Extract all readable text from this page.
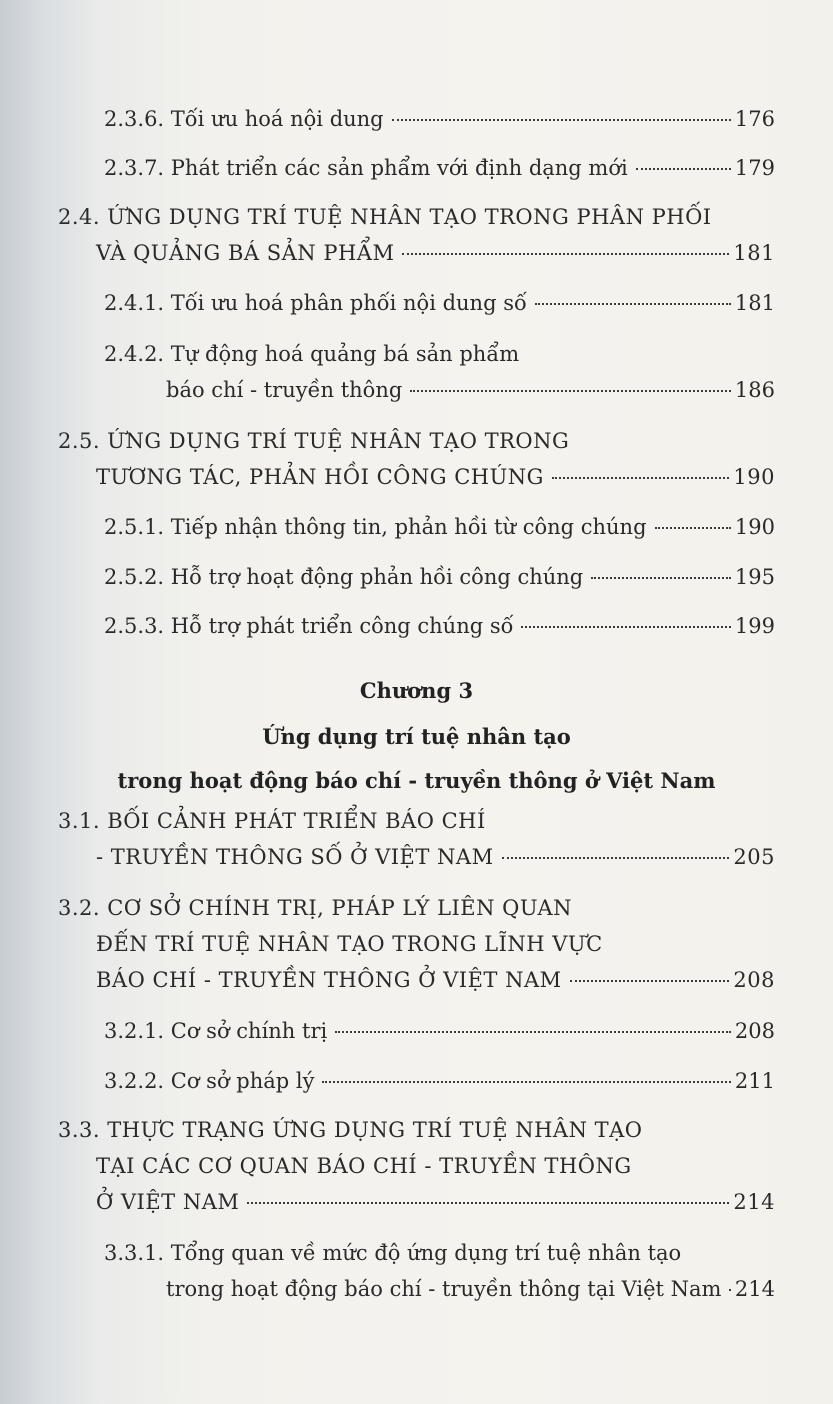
2.3.6. Tối ưu hoá nội dung	176
2.3.7. Phát triển các sản phẩm với định dạng mới	179
2.4. ỨNG DỤNG TRÍ TUỆ NHÂN TẠO TRONG PHÂN PHỐI
VÀ QUẢNG BÁ SẢN PHẨM	181
2.4.1. Tối ưu hoá phân phối nội dung số	181
2.4.2. Tự động hoá quảng bá sản phẩm
báo chí - truyền thông	186
2.5. ỨNG DỤNG TRÍ TUỆ NHÂN TẠO TRONG
TƯƠNG TÁC, PHẢN HỒI CÔNG CHÚNG	190
2.5.1. Tiếp nhận thông tin, phản hồi từ công chúng	190
2.5.2. Hỗ trợ hoạt động phản hồi công chúng	195
2.5.3. Hỗ trợ phát triển công chúng số	199
Chương 3
Ứng dụng trí tuệ nhân tạo
trong hoạt động báo chí - truyền thông ở Việt Nam
3.1. BỐI CẢNH PHÁT TRIỂN BÁO CHÍ
- TRUYỀN THÔNG SỐ Ở VIỆT NAM	205
3.2. CƠ SỞ CHÍNH TRỊ, PHÁP LÝ LIÊN QUAN
ĐẾN TRÍ TUỆ NHÂN TẠO TRONG LĨNH VỰC
BÁO CHÍ - TRUYỀN THÔNG Ở VIỆT NAM	208
3.2.1. Cơ sở chính trị	208
3.2.2. Cơ sở pháp lý	211
3.3. THỰC TRẠNG ỨNG DỤNG TRÍ TUỆ NHÂN TẠO
TẠI CÁC CƠ QUAN BÁO CHÍ - TRUYỀN THÔNG
Ở VIỆT NAM	214
3.3.1. Tổng quan về mức độ ứng dụng trí tuệ nhân tạo
trong hoạt động báo chí - truyền thông tại Việt Nam 214
